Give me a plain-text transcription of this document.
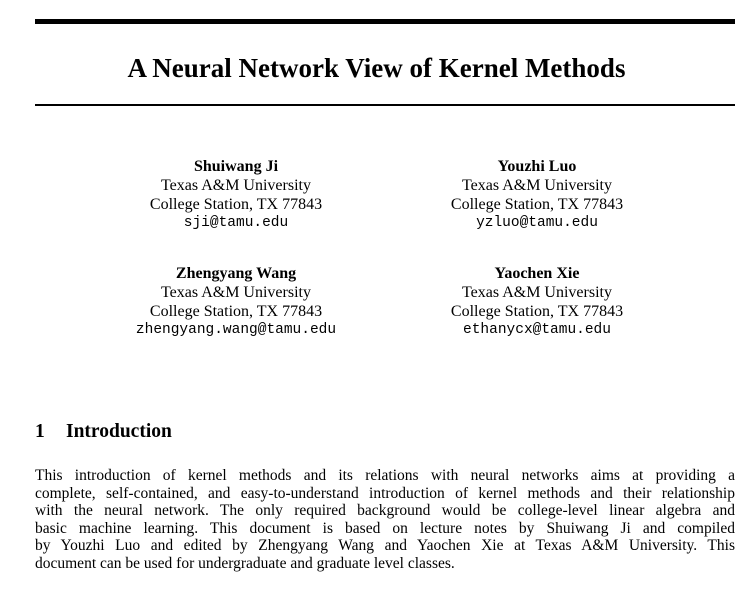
A Neural Network View of Kernel Methods
Shuiwang Ji
Texas A&M University
College Station, TX 77843
sji@tamu.edu
Youzhi Luo
Texas A&M University
College Station, TX 77843
yzluo@tamu.edu
Zhengyang Wang
Texas A&M University
College Station, TX 77843
zhengyang.wang@tamu.edu
Yaochen Xie
Texas A&M University
College Station, TX 77843
ethanycx@tamu.edu
1 Introduction
This introduction of kernel methods and its relations with neural networks aims at providing a
complete, self-contained, and easy-to-understand introduction of kernel methods and their relationship
with the neural network. The only required background would be college-level linear algebra and
basic machine learning. This document is based on lecture notes by Shuiwang Ji and compiled
by Youzhi Luo and edited by Zhengyang Wang and Yaochen Xie at Texas A&M University. This
document can be used for undergraduate and graduate level classes.
